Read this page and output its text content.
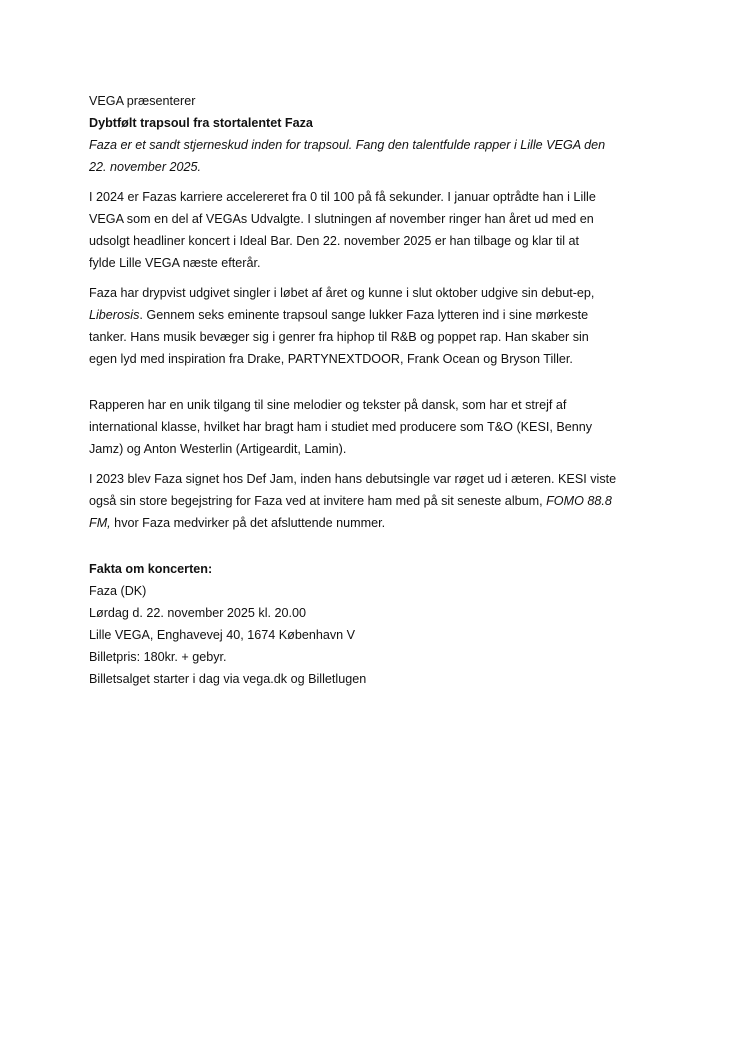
VEGA præsenterer
Dybtfølt trapsoul fra stortalentet Faza
Faza er et sandt stjerneskud inden for trapsoul. Fang den talentfulde rapper i Lille VEGA den
22. november 2025.
I 2024 er Fazas karriere accelereret fra 0 til 100 på få sekunder. I januar optrådte han i Lille
VEGA som en del af VEGAs Udvalgte. I slutningen af november ringer han året ud med en
udsolgt headliner koncert i Ideal Bar. Den 22. november 2025 er han tilbage og klar til at
fylde Lille VEGA næste efterår.
Faza har drypvist udgivet singler i løbet af året og kunne i slut oktober udgive sin debut-ep,
Liberosis. Gennem seks eminente trapsoul sange lukker Faza lytteren ind i sine mørkeste
tanker. Hans musik bevæger sig i genrer fra hiphop til R&B og poppet rap. Han skaber sin
egen lyd med inspiration fra Drake, PARTYNEXTDOOR, Frank Ocean og Bryson Tiller.
Rapperen har en unik tilgang til sine melodier og tekster på dansk, som har et strejf af
international klasse, hvilket har bragt ham i studiet med producere som T&O (KESI, Benny
Jamz) og Anton Westerlin (Artigeardit, Lamin).
I 2023 blev Faza signet hos Def Jam, inden hans debutsingle var røget ud i æteren. KESI viste
også sin store begejstring for Faza ved at invitere ham med på sit seneste album, FOMO 88.8
FM, hvor Faza medvirker på det afsluttende nummer.
Fakta om koncerten:
Faza (DK)
Lørdag d. 22. november 2025 kl. 20.00
Lille VEGA, Enghavevej 40, 1674 København V
Billetpris: 180kr. + gebyr.
Billetsalget starter i dag via vega.dk og Billetlugen
